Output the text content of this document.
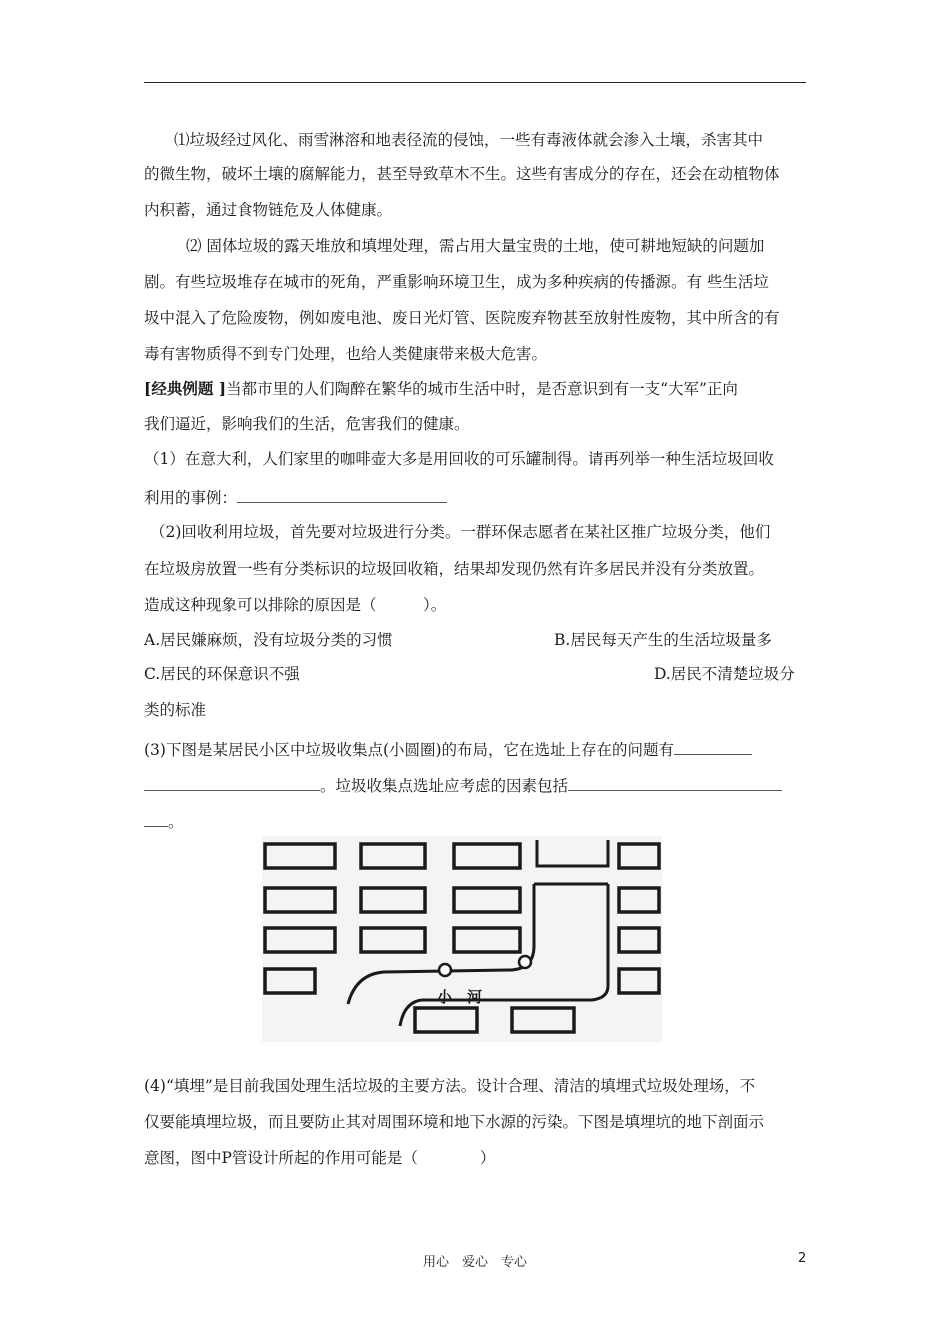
⑴垃圾经过风化、雨雪淋溶和地表径流的侵蚀，一些有毒液体就会渗入土壤，杀害其中
的微生物，破坏土壤的腐解能力，甚至导致草木不生。这些有害成分的存在，还会在动植物体
内积蓄，通过食物链危及人体健康。
⑵ 固体垃圾的露天堆放和填埋处理，需占用大量宝贵的土地，使可耕地短缺的问题加
剧。有些垃圾堆存在城市的死角，严重影响环境卫生，成为多种疾病的传播源。有 些生活垃
圾中混入了危险废物，例如废电池、废日光灯管、医院废弃物甚至放射性废物，其中所含的有
毒有害物质得不到专门处理，也给人类健康带来极大危害。
[经典例题 ]当都市里的人们陶醉在繁华的城市生活中时，是否意识到有一支“大军”正向
我们逼近，影响我们的生活，危害我们的健康。
（1）在意大利，人们家里的咖啡壶大多是用回收的可乐罐制得。请再列举一种生活垃圾回收
利用的事例：
（2)回收利用垃圾，首先要对垃圾进行分类。一群环保志愿者在某社区推广垃圾分类，他们
在垃圾房放置一些有分类标识的垃圾回收箱，结果却发现仍然有许多居民并没有分类放置。
造成这种现象可以排除的原因是（　　　）。
A.居民嫌麻烦，没有垃圾分类的习惯	B.居民每天产生的生活垃圾量多
C.居民的环保意识不强	D.居民不清楚垃圾分
类的标准
(3)下图是某居民小区中垃圾收集点(小圆圈)的布局，它在选址上存在的问题有
。垃圾收集点选址应考虑的因素包括
。
小　河
(4)“填埋”是目前我国处理生活垃圾的主要方法。设计合理、清洁的填埋式垃圾处理场，不
仅要能填埋垃圾，而且要防止其对周围环境和地下水源的污染。下图是填埋坑的地下剖面示
意图，图中P管设计所起的作用可能是（　　　　）
用心　爱心　专心	2
